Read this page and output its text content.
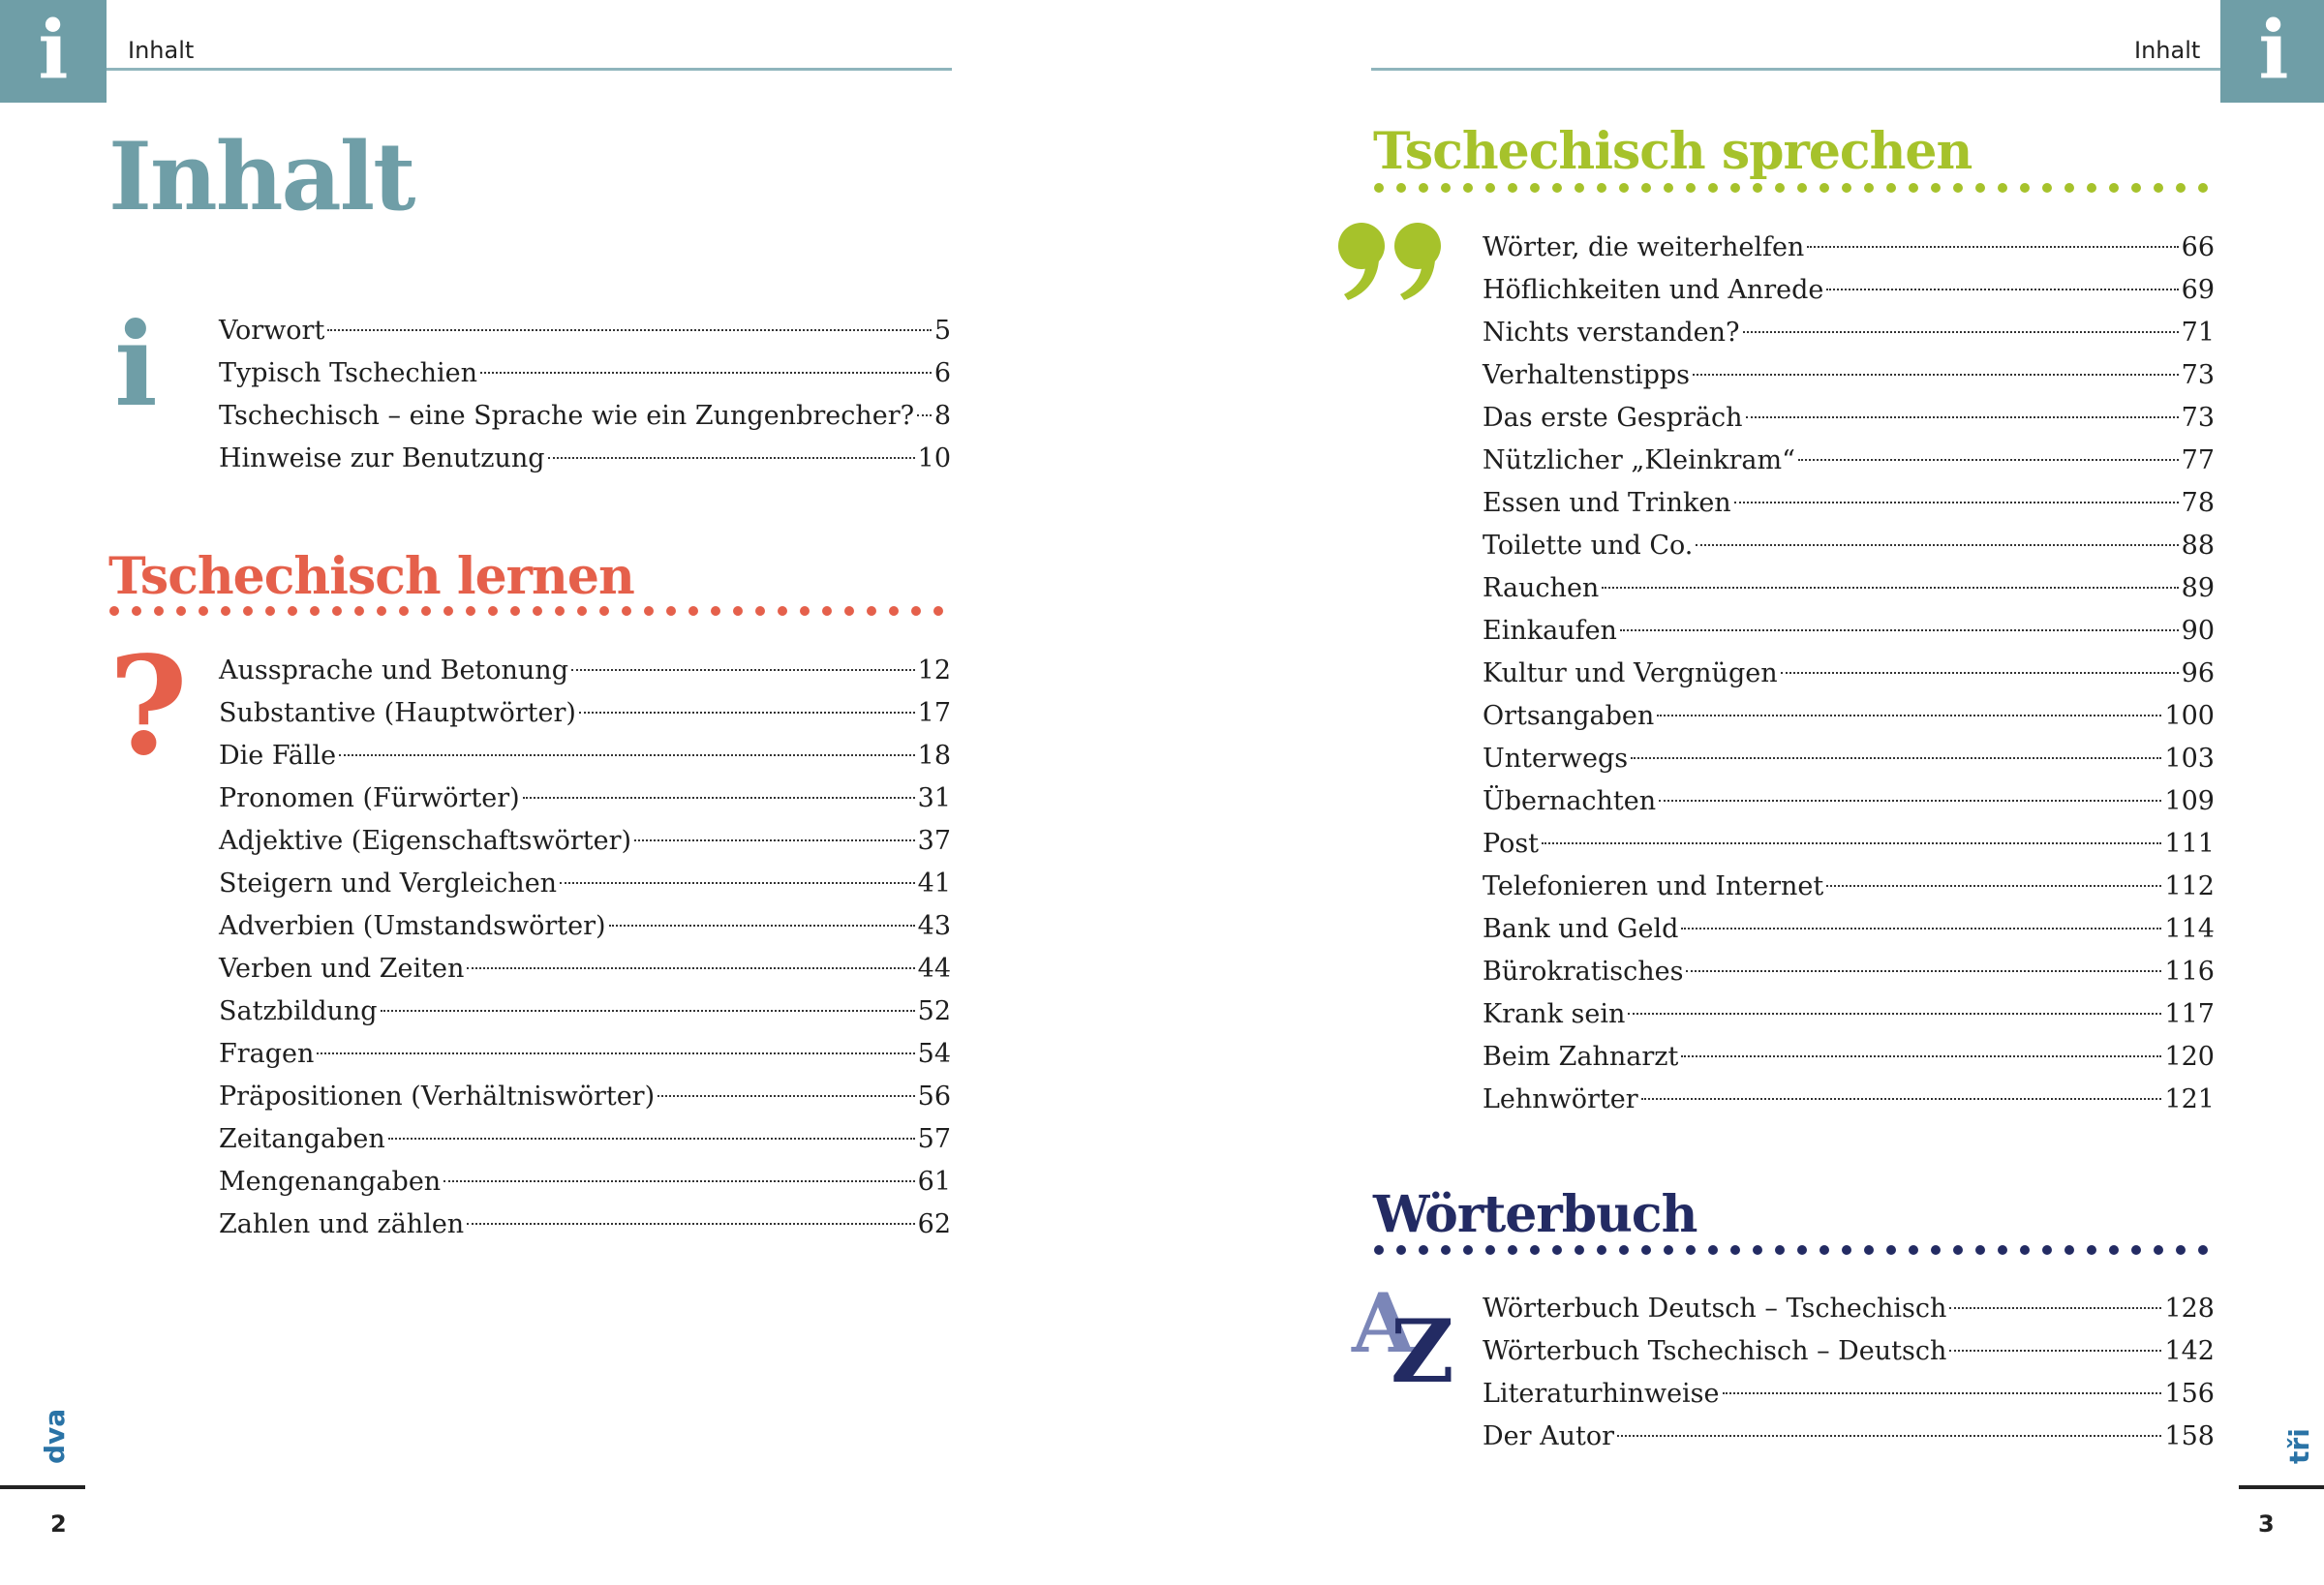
i	Inhalt	i
Inhalt
Inhalt
i Vorwort	5
Typisch Tschechien	6
Tschechisch – eine Sprache wie ein Zungenbrecher? 8
Hinweise zur Benutzung	10
Tschechisch lernen
? Aussprache und Betonung	12
Substantive (Hauptwörter)	17
Die Fälle	18
Pronomen (Fürwörter)	31
Adjektive (Eigenschaftswörter)	37
Steigern und Vergleichen	41
Adverbien (Umstandswörter)	43
Verben und Zeiten	44
Satzbildung	52
Fragen	54
Präpositionen (Verhältniswörter)	56
Zeitangaben	57
Mengenangaben	61
Zahlen und zählen	62
dva
2
Tschechisch sprechen
Wörter, die weiterhelfen	66
Höflichkeiten und Anrede	69
Nichts verstanden?	71
Verhaltenstipps	73
Das erste Gespräch	73
Nützlicher „Kleinkram“	77
Essen und Trinken	78
Toilette und Co.	88
Rauchen	89
Einkaufen	90
Kultur und Vergnügen	96
Ortsangaben	100
Unterwegs	103
Übernachten	109
Post	111
Telefonieren und Internet	112
Bank und Geld	114
Bürokratisches	116
Krank sein	117
Beim Zahnarzt	120
Lehnwörter	121
Wörterbuch
A
Z Wörterbuch Deutsch – Tschechisch	128
Wörterbuch Tschechisch – Deutsch	142
Literaturhinweise	156
Der Autor	158	tři
3
